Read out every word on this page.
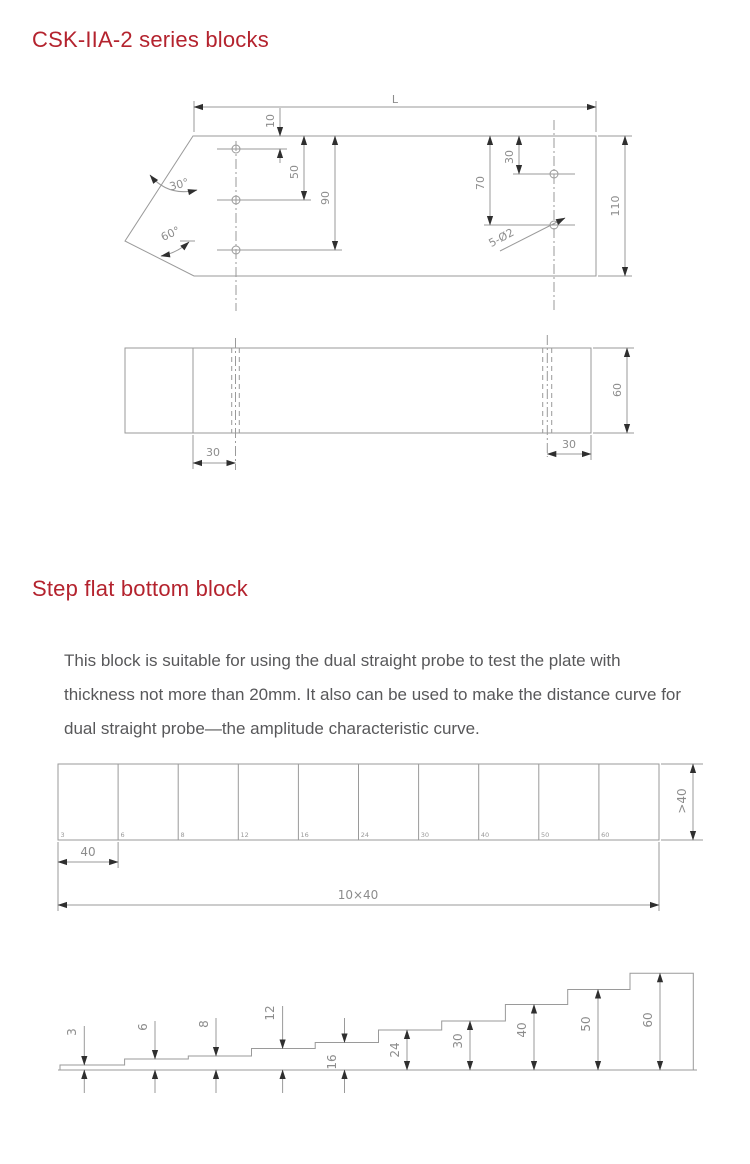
CSK-IIA-2 series blocks
Step flat bottom block

This block is suitable for using the dual straight probe to test the plate with thickness not more than 20mm. It also can be used to make the distance curve for dual straight probe—the amplitude characteristic curve.

L
10
50
90
30
70
110
30°
60°	5-Ø2
30
30
60
3	6	8	12	16	24	30	40	50	60
>40
40
10×40
3
6	8
12
16
24
30
40	50	60
